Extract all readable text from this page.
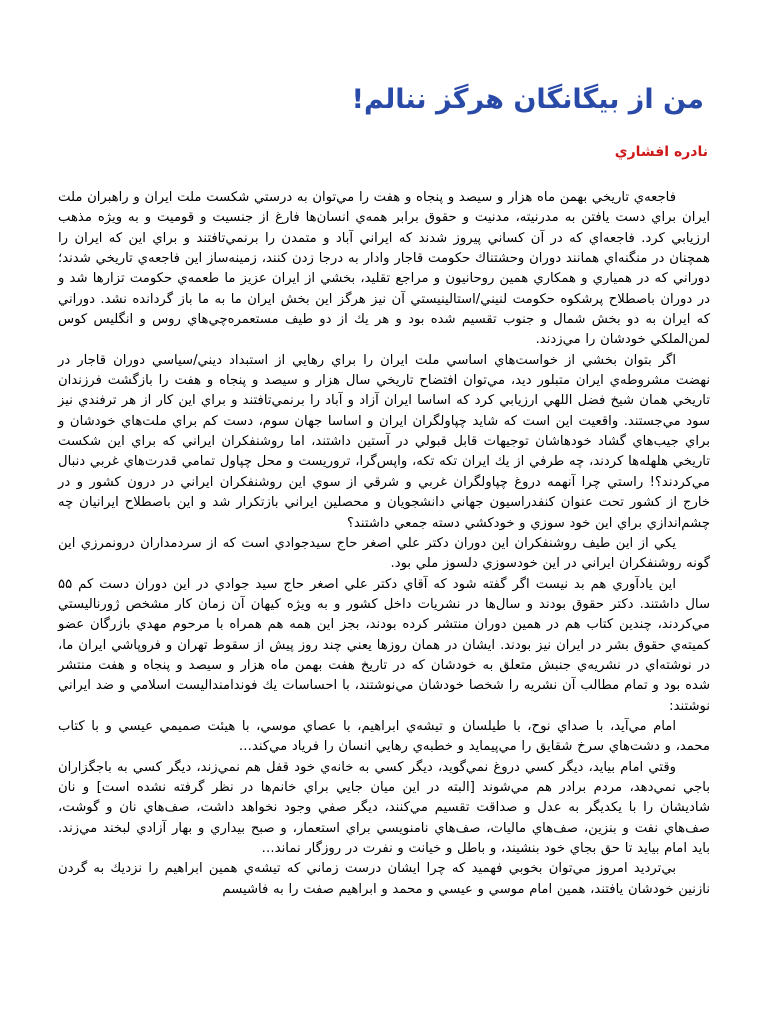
من از بيگانگان هرگز ننالم!
نادره افشاري

فاجعه‌ي تاريخي بهمن ماه هزار و سيصد و پنجاه و هفت را مي‌توان به درستي شكست ملت ايران و راهبران ملت ايران براي دست يافتن به مدرنيته، مدنيت و حقوق برابر همه‌ي انسان‌ها فارغ از جنسيت و قوميت و به ويژه مذهب ارزيابي كرد. فاجعه‌اي كه در آن كساني پيروز شدند كه ايراني آباد و متمدن را برنمي‌تافتند و براي اين كه ايران را همچنان در منگنه‌اي همانند دوران وحشتناك حكومت قاجار وادار به درجا زدن كنند، زمينه‌ساز اين فاجعه‌ي تاريخي شدند؛ دوراني كه در همياري و همكاري همين روحانيون و مراجع تقليد، بخشي از ايران عزيز ما طعمه‌ي حكومت تزارها شد و در دوران باصطلاح پرشكوه حكومت لنيني/استالينيستي آن نيز هرگز اين بخش ايران ما به ما باز گردانده نشد. دوراني كه ايران به دو بخش شمال و جنوب تقسيم شده بود و هر يك از دو طيف مستعمره‌چي‌هاي روس و انگليس كوس لمن‌الملكي خودشان را مي‌زدند.

اگر بتوان بخشي از خواست‌هاي اساسي ملت ايران را براي رهايي از استبداد ديني/سياسي دوران قاجار در نهضت مشروطه‌ي ايران متبلور ديد، مي‌توان افتضاح تاريخي سال هزار و سيصد و پنجاه و هفت را بازگشت فرزندان تاريخي همان شيخ فضل اللهي ارزيابي كرد كه اساسا ايران آزاد و آباد را برنمي‌تافتند و براي اين كار از هر ترفندي نيز سود مي‌جستند. واقعيت اين است كه شايد چپاولگران ايران و اساسا جهان سوم، دست كم براي ملت‌هاي خودشان و براي جيب‌هاي گشاد خودهاشان توجيهات قابل قبولي در آستين داشتند، اما روشنفكران ايراني كه براي اين شكست تاريخي هلهله‌ها كردند، چه طرفي از يك ايران تكه تكه، واپس‌گرا، تروريست و محل چپاول تمامي قدرت‌هاي غربي دنبال مي‌كردند؟! راستي چرا آنهمه دروغ چپاولگران غربي و شرقي از سوي اين روشنفكران ايراني در درون كشور و در خارج از كشور تحت عنوان كنفدراسيون جهاني دانشجويان و محصلين ايراني بازتكرار شد و اين باصطلاح ايرانيان چه چشم‌اندازي براي اين خود سوزي و خودكشي دسته جمعي داشتند؟

يكي از اين طيف روشنفكران اين دوران دكتر علي اصغر حاج سيدجوادي است كه از سردمداران درونمرزي اين گونه روشنفكران ايراني در اين خودسوزي دلسوز ملي بود.

اين يادآوري هم بد نيست اگر گفته شود كه آقاي دكتر علي اصغر حاج سيد جوادي در اين دوران دست كم ۵۵ سال داشتند. دكتر حقوق بودند و سال‌ها در نشريات داخل كشور و به ويژه كيهان آن زمان كار مشخص ژورناليستي مي‌كردند، چندين كتاب هم در همين دوران منتشر كرده بودند، بجز اين همه هم همراه با مرحوم مهدي بازرگان عضو كميته‌ي حقوق بشر در ايران نيز بودند. ايشان در همان روزها يعني چند روز پيش از سقوط تهران و فروپاشي ايران ما، در نوشته‌اي در نشريه‌ي جنبش متعلق به خودشان كه در تاريخ هفت بهمن ماه هزار و سيصد و پنجاه و هفت منتشر شده بود و تمام مطالب آن نشريه را شخصا خودشان مي‌نوشتند، با احساسات يك فوندامنداليست اسلامي و ضد ايراني نوشتند:

امام مي‌آيد، با صداي نوح، با طيلسان و تيشه‌ي ابراهيم، با عصاي موسي، با هيئت صميمي عيسي و با كتاب محمد، و دشت‌هاي سرخ شقايق را مي‌پيمايد و خطبه‌ي رهايي انسان را فرياد مي‌كند…

وقتي امام بيايد، ديگر كسي دروغ نمي‌گويد، ديگر كسي به خانه‌ي خود قفل هم نمي‌زند، ديگر كسي به باجگزاران باجي نمي‌دهد، مردم برادر هم مي‌شوند [البته در اين ميان جايي براي خانم‌ها در نظر گرفته نشده است] و نان شاديشان را با يكديگر به عدل و صداقت تقسيم مي‌كنند، ديگر صفي وجود نخواهد داشت، صف‌هاي نان و گوشت، صف‌هاي نفت و بنزين، صف‌هاي ماليات، صف‌هاي نامنويسي براي استعمار، و صبح بيداري و بهار آزادي لبخند مي‌زند. بايد امام بيايد تا حق بجاي خود بنشيند، و باطل و خيانت و نفرت در روزگار نماند…

بي‌ترديد امروز مي‌توان بخوبي فهميد كه چرا ايشان درست زماني كه تيشه‌ي همين ابراهيم را نزديك به گردن نازنين خودشان يافتند، همين امام موسي و عيسي و محمد و ابراهيم صفت را به فاشيسم
